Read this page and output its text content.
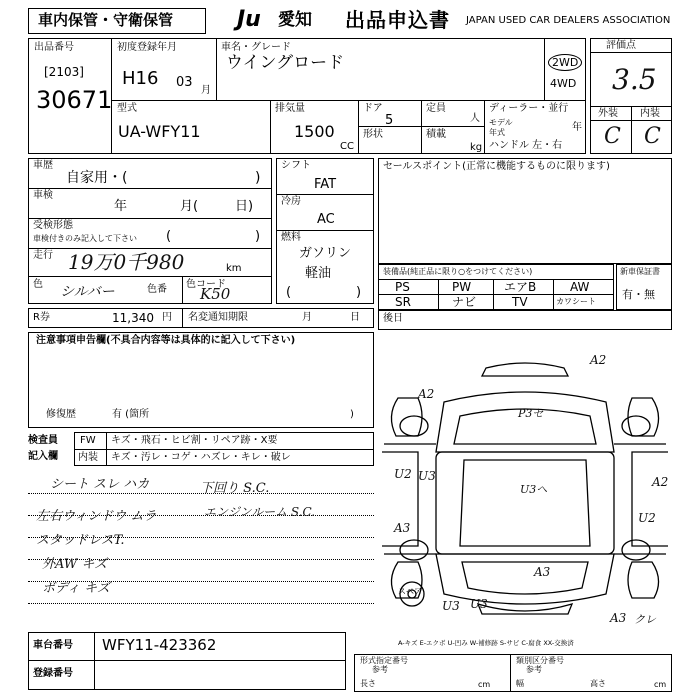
車内保管・守衛保管	Ju 愛知 出品申込書 JAPAN USED CAR DEALERS ASSOCIATION
出品番号
[2103]
30671
初度登録年月
H16 03
月
車名・グレード
ウイングロード	2WD
4WD
型式
UA-WFY11
排気量
1500
CC
ドア
5
形状
定員
人
積載
kg
ディーラー・並行
モデル
年式	年
ハンドル 左・右
評価点
3.5
外装 内装
C C
車歴
自家用・(	)
車検
年	月(	日)
受検形態
車検付きのみ記入して下さい (	)
走行 19万0千980	km
色 シルバー	色番 色コード
K50
シフト
FAT
冷房
AC
燃料
ガソリン
軽油
(	)
セールスポイント(正常に機能するものに限ります)
装備品(純正品に限り○をつけてください)
PS	PW	エアB	AW
SR	ナビ	TV	カワシート
新車保証書
有・無
R券	11,340 円 名変通知期限	月	日 後日
注意事項申告欄(不具合内容等は具体的に記入して下さい)
修復歴	有 (箇所	)
検査員
記入欄
FW キズ・飛石・ヒビ割・リペア跡・X要
内装 キズ・汚レ・コゲ・ハズレ・キレ・破レ
シート スレ ハカ
左右ウィンドウ ムラ
スタッドレスT.
外AW キズ
ボディ キズ
下回り S.C.
エンジンルーム S.C.
A2
A2
P3セ
U2 U3
U3ヘ
A2
A3
U2
A3
U3 U3
A3 クレ
スペア
A-キズ E-エクボ U-凹み W-補修跡 S-サビ C-腐食 XX-交換済
車台番号 WFY11-423362
登録番号
形式指定番号
参考
類別区分番号
参考
長さ	cm	幅	高さ	cm
